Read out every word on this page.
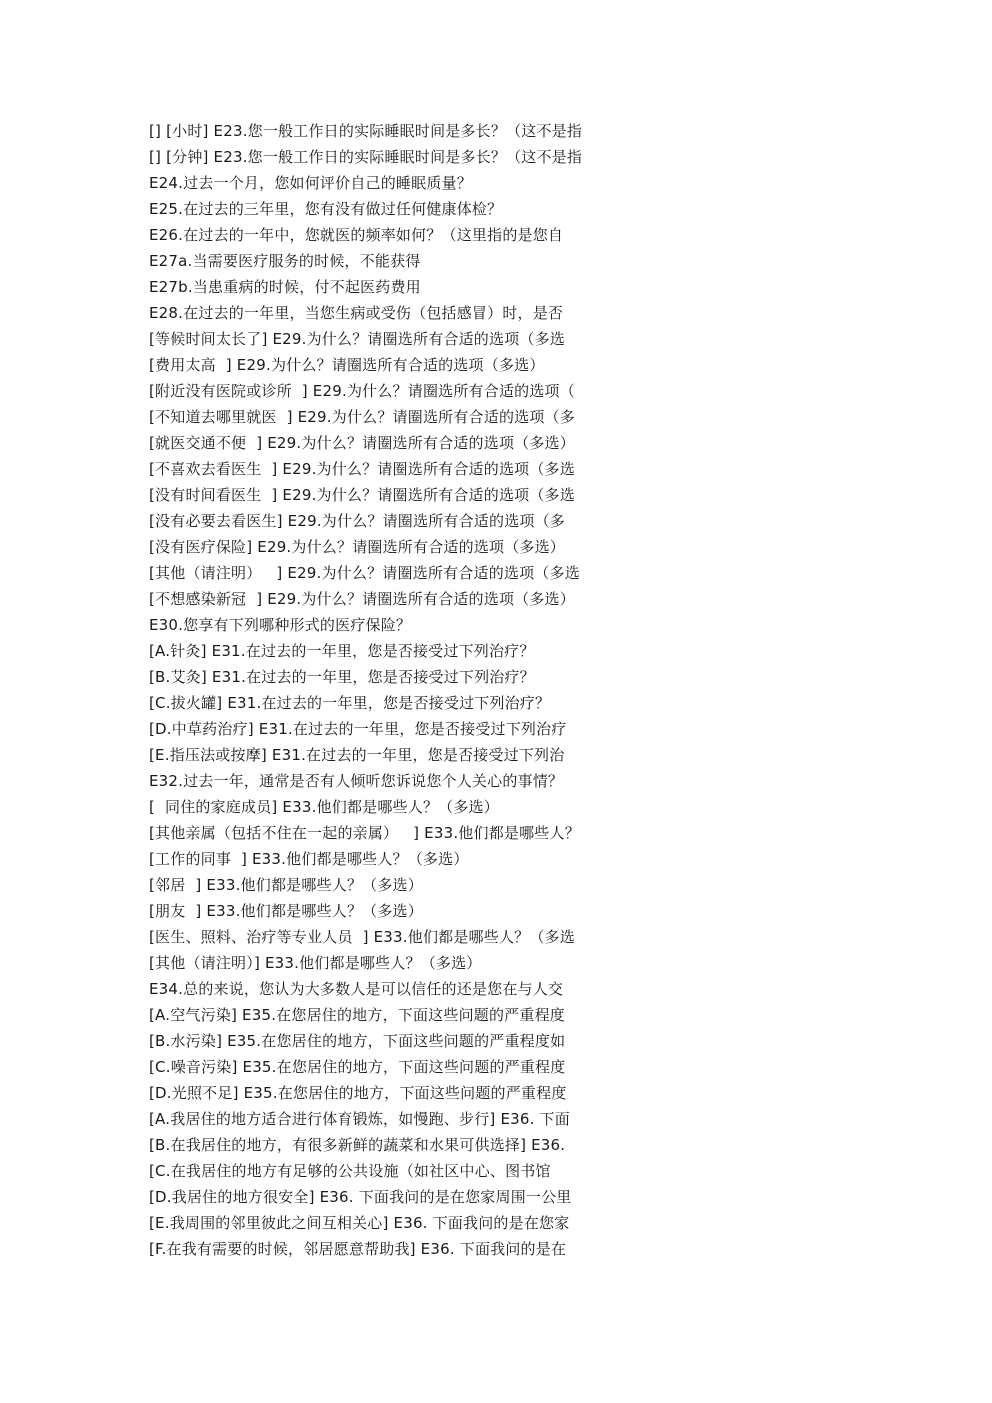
[] [小时] E23.您一般工作日的实际睡眠时间是多长？（这不是指
[] [分钟] E23.您一般工作日的实际睡眠时间是多长？（这不是指
E24.过去一个月，您如何评价自己的睡眠质量？
E25.在过去的三年里，您有没有做过任何健康体检？
E26.在过去的一年中，您就医的频率如何？（这里指的是您自
E27a.当需要医疗服务的时候，不能获得
E27b.当患重病的时候，付不起医药费用
E28.在过去的一年里，当您生病或受伤（包括感冒）时，是否
[等候时间太长了] E29.为什么？请圈选所有合适的选项（多选
[费用太高  ] E29.为什么？请圈选所有合适的选项（多选）
[附近没有医院或诊所  ] E29.为什么？请圈选所有合适的选项（
[不知道去哪里就医  ] E29.为什么？请圈选所有合适的选项（多
[就医交通不便  ] E29.为什么？请圈选所有合适的选项（多选）
[不喜欢去看医生  ] E29.为什么？请圈选所有合适的选项（多选
[没有时间看医生  ] E29.为什么？请圈选所有合适的选项（多选
[没有必要去看医生] E29.为什么？请圈选所有合适的选项（多
[没有医疗保险] E29.为什么？请圈选所有合适的选项（多选）
[其他（请注明）   ] E29.为什么？请圈选所有合适的选项（多选
[不想感染新冠  ] E29.为什么？请圈选所有合适的选项（多选）
E30.您享有下列哪种形式的医疗保险？
[A.针灸] E31.在过去的一年里，您是否接受过下列治疗？
[B.艾灸] E31.在过去的一年里，您是否接受过下列治疗？
[C.拔火罐] E31.在过去的一年里，您是否接受过下列治疗？
[D.中草药治疗] E31.在过去的一年里，您是否接受过下列治疗
[E.指压法或按摩] E31.在过去的一年里，您是否接受过下列治
E32.过去一年，通常是否有人倾听您诉说您个人关心的事情？
[  同住的家庭成员] E33.他们都是哪些人？（多选）
[其他亲属（包括不住在一起的亲属）   ] E33.他们都是哪些人？
[工作的同事  ] E33.他们都是哪些人？（多选）
[邻居  ] E33.他们都是哪些人？（多选）
[朋友  ] E33.他们都是哪些人？（多选）
[医生、照料、治疗等专业人员  ] E33.他们都是哪些人？（多选
[其他（请注明）] E33.他们都是哪些人？（多选）
E34.总的来说，您认为大多数人是可以信任的还是您在与人交
[A.空气污染] E35.在您居住的地方，下面这些问题的严重程度
[B.水污染] E35.在您居住的地方，下面这些问题的严重程度如
[C.噪音污染] E35.在您居住的地方，下面这些问题的严重程度
[D.光照不足] E35.在您居住的地方，下面这些问题的严重程度
[A.我居住的地方适合进行体育锻炼，如慢跑、步行] E36. 下面
[B.在我居住的地方，有很多新鲜的蔬菜和水果可供选择] E36.
[C.在我居住的地方有足够的公共设施（如社区中心、图书馆
[D.我居住的地方很安全] E36. 下面我问的是在您家周围一公里
[E.我周围的邻里彼此之间互相关心] E36. 下面我问的是在您家
[F.在我有需要的时候，邻居愿意帮助我] E36. 下面我问的是在
